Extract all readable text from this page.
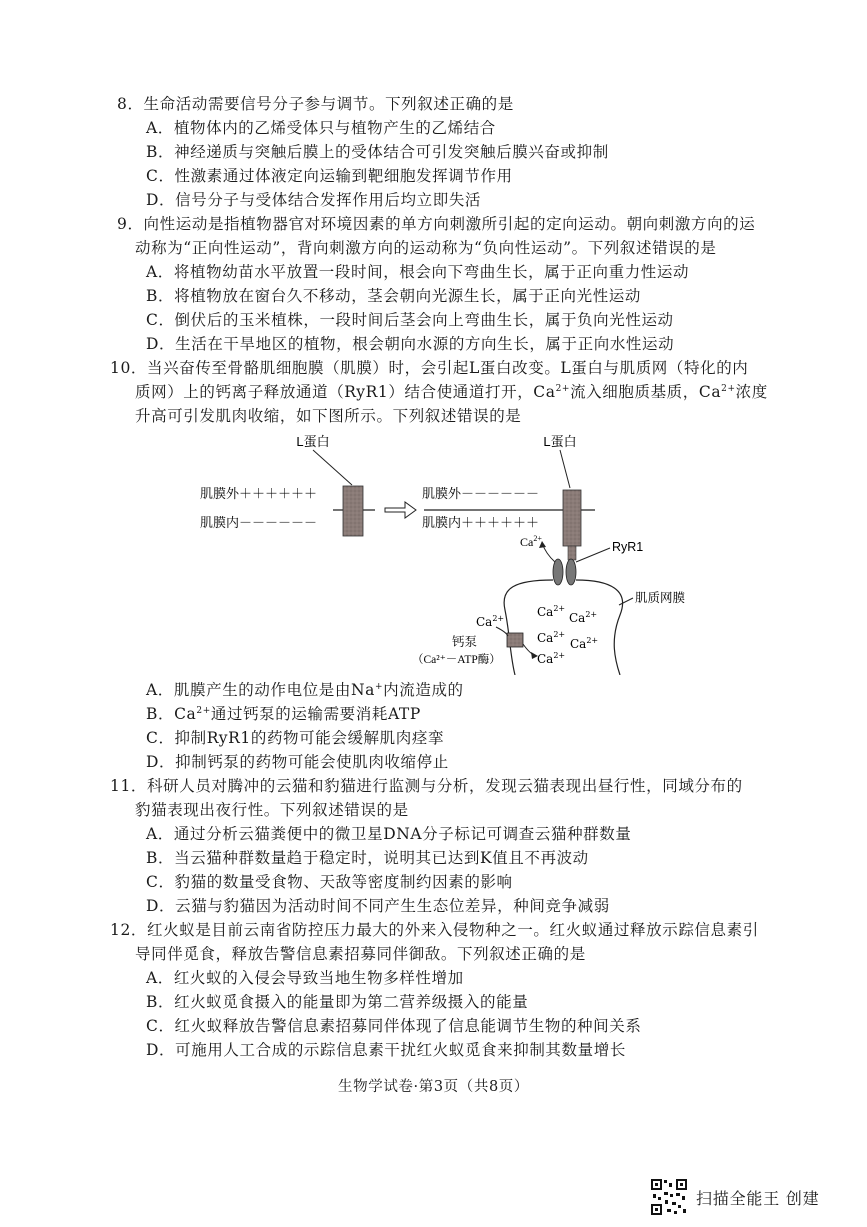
8．生命活动需要信号分子参与调节。下列叙述正确的是
A．植物体内的乙烯受体只与植物产生的乙烯结合
B．神经递质与突触后膜上的受体结合可引发突触后膜兴奋或抑制
C．性激素通过体液定向运输到靶细胞发挥调节作用
D．信号分子与受体结合发挥作用后均立即失活
9．向性运动是指植物器官对环境因素的单方向刺激所引起的定向运动。朝向刺激方向的运
动称为“正向性运动”，背向刺激方向的运动称为“负向性运动”。下列叙述错误的是
A．将植物幼苗水平放置一段时间，根会向下弯曲生长，属于正向重力性运动
B．将植物放在窗台久不移动，茎会朝向光源生长，属于正向光性运动
C．倒伏后的玉米植株，一段时间后茎会向上弯曲生长，属于负向光性运动
D．生活在干旱地区的植物，根会朝向水源的方向生长，属于正向水性运动
10．当兴奋传至骨骼肌细胞膜（肌膜）时，会引起L蛋白改变。L蛋白与肌质网（特化的内
质网）上的钙离子释放通道（RyR1）结合使通道打开，$Ca^{2+}$流入细胞质基质，$Ca^{2+}$浓度
升高可引发肌肉收缩，如下图所示。下列叙述错误的是
L蛋白
肌膜外＋＋＋＋＋＋
肌膜内－－－－－－
L蛋白
肌膜外－－－－－－
肌膜内＋＋＋＋＋＋
$Ca^{2+}$
RyR1
肌质网膜
$Ca^{2+}$
$Ca^{2+}$
$Ca^{2+}$
$Ca^{2+}$
$Ca^{2+}$
$Ca^{2+}$
钙泵
（Ca²⁺－ATP酶）
A．肌膜产生的动作电位是由Na+内流造成的
B．$Ca^{2+}$通过钙泵的运输需要消耗ATP
C．抑制RyR1的药物可能会缓解肌肉痉挛
D．抑制钙泵的药物可能会使肌肉收缩停止
11．科研人员对腾冲的云猫和豹猫进行监测与分析，发现云猫表现出昼行性，同域分布的
豹猫表现出夜行性。下列叙述错误的是
A．通过分析云猫粪便中的微卫星DNA分子标记可调查云猫种群数量
B．当云猫种群数量趋于稳定时，说明其已达到K值且不再波动
C．豹猫的数量受食物、天敌等密度制约因素的影响
D．云猫与豹猫因为活动时间不同产生生态位差异，种间竞争减弱
12．红火蚁是目前云南省防控压力最大的外来入侵物种之一。红火蚁通过释放示踪信息素引
导同伴觅食，释放告警信息素招募同伴御敌。下列叙述正确的是
A．红火蚁的入侵会导致当地生物多样性增加
B．红火蚁觅食摄入的能量即为第二营养级摄入的能量
C．红火蚁释放告警信息素招募同伴体现了信息能调节生物的种间关系
D．可施用人工合成的示踪信息素干扰红火蚁觅食来抑制其数量增长
生物学试卷·第3页（共8页）
扫描全能王 创建
